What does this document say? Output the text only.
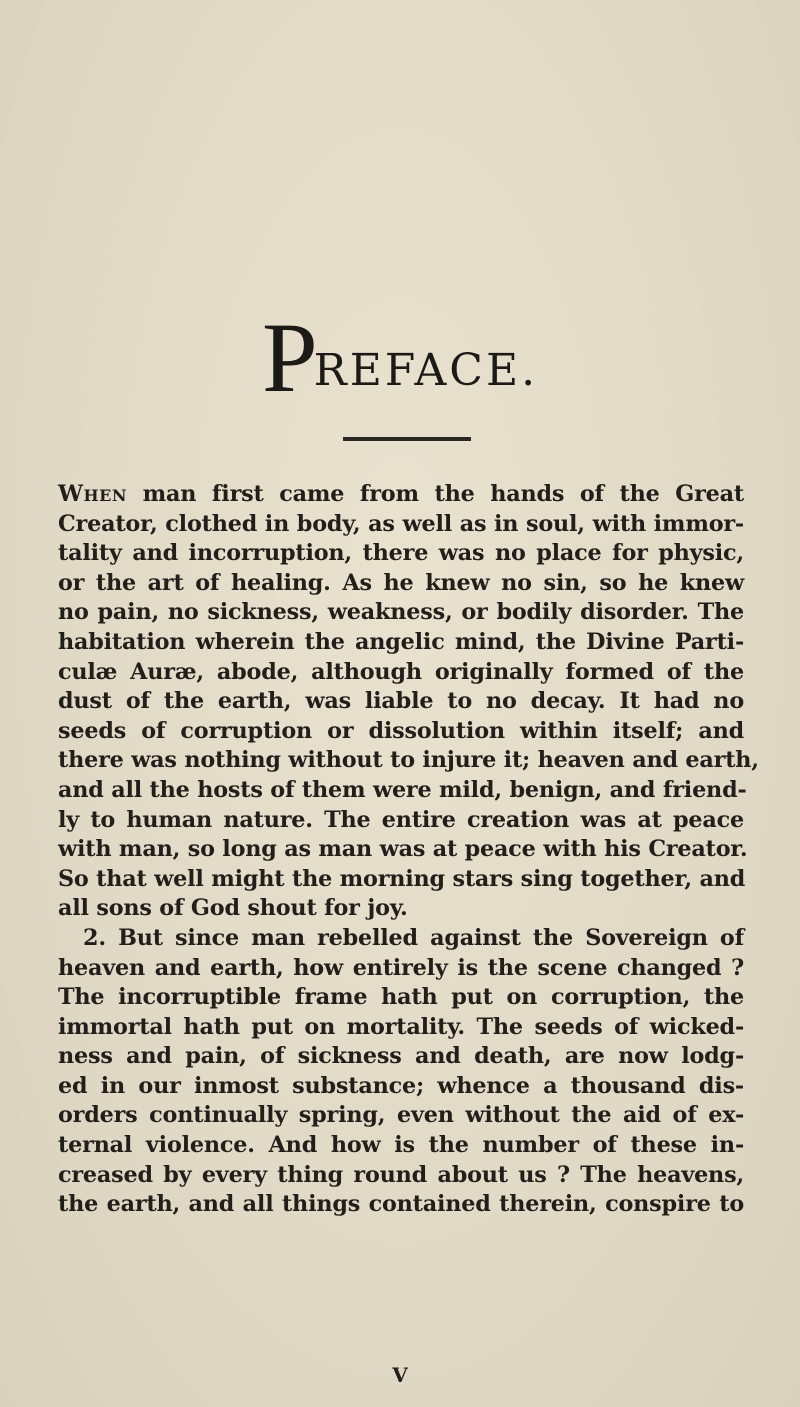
PREFACE.
When man first came from the hands of the Great
Creator, clothed in body, as well as in soul, with immor-
tality and incorruption, there was no place for physic,
or the art of healing. As he knew no sin, so he knew
no pain, no sickness, weakness, or bodily disorder. The
habitation wherein the angelic mind, the Divine Parti-
culæ Auræ, abode, although originally formed of the
dust of the earth, was liable to no decay. It had no
seeds of corruption or dissolution within itself; and
there was nothing without to injure it; heaven and earth,
and all the hosts of them were mild, benign, and friend-
ly to human nature. The entire creation was at peace
with man, so long as man was at peace with his Creator.
So that well might the morning stars sing together, and
all sons of God shout for joy.
2. But since man rebelled against the Sovereign of
heaven and earth, how entirely is the scene changed ?
The incorruptible frame hath put on corruption, the
immortal hath put on mortality. The seeds of wicked-
ness and pain, of sickness and death, are now lodg-
ed in our inmost substance; whence a thousand dis-
orders continually spring, even without the aid of ex-
ternal violence. And how is the number of these in-
creased by every thing round about us ? The heavens,
the earth, and all things contained therein, conspire to
V
